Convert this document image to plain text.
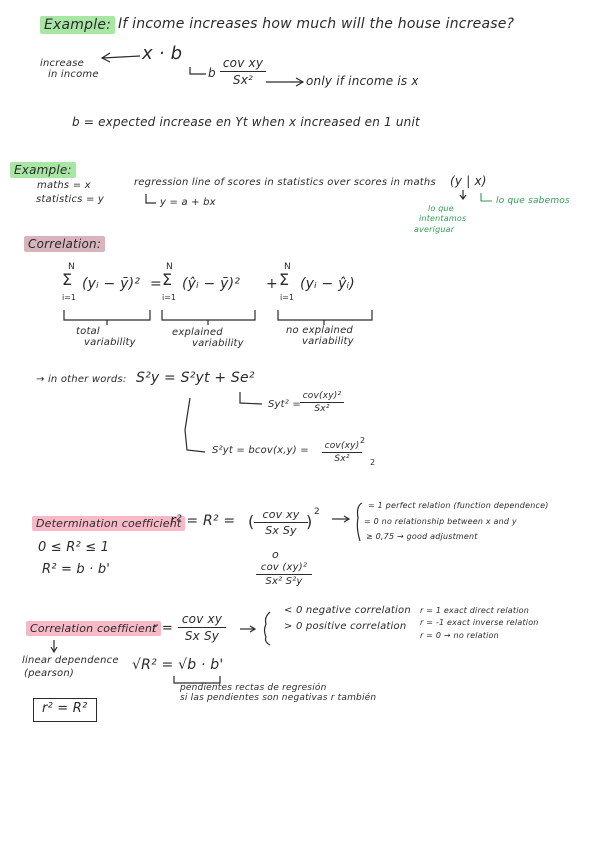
Example: If income increases how much will the house increase?
increase
in income
x · b
b
cov xy
Sx²	only if income is x
b = expected increase en Yt when x increased en 1 unit
Example:
maths = x
statistics = y
regression line of scores in statistics over scores in maths (y | x)
y = a + bx	lo que sabemos
lo que
intentamos
averiguar
Correlation:
N
Σ
i=1
(yᵢ − ȳ)² =
N
Σ
i=1
(ŷᵢ − ȳ)² +
N
Σ
i=1
(yᵢ − ŷᵢ)
total
variability
explained
variability
no explained
variability
→ in other words: S²y = S²yt + Se²
Syt² =
cov(xy)²
Sx²
S²yt = bcov(x,y) = cov(xy)
Sx²
2
2
Determination coefficient
r² = R² =	cov xy
Sx Sy
(	) 2
o
cov (xy)²
Sx² S²y
0 ≤ R² ≤ 1
R² = b · b'
= 1 perfect relation (function dependence)
= 0 no relationship between x and y
≥ 0,75 → good adjustment
Correlation coefficient
r =
cov xy
Sx Sy
< 0 negative correlation
> 0 positive correlation
r = 1 exact direct relation
r = -1 exact inverse relation
r = 0 → no relation
linear dependence
(pearson)
√R² = √b · b'
pendientes rectas de regresión
si las pendientes son negativas r también
r² = R²
